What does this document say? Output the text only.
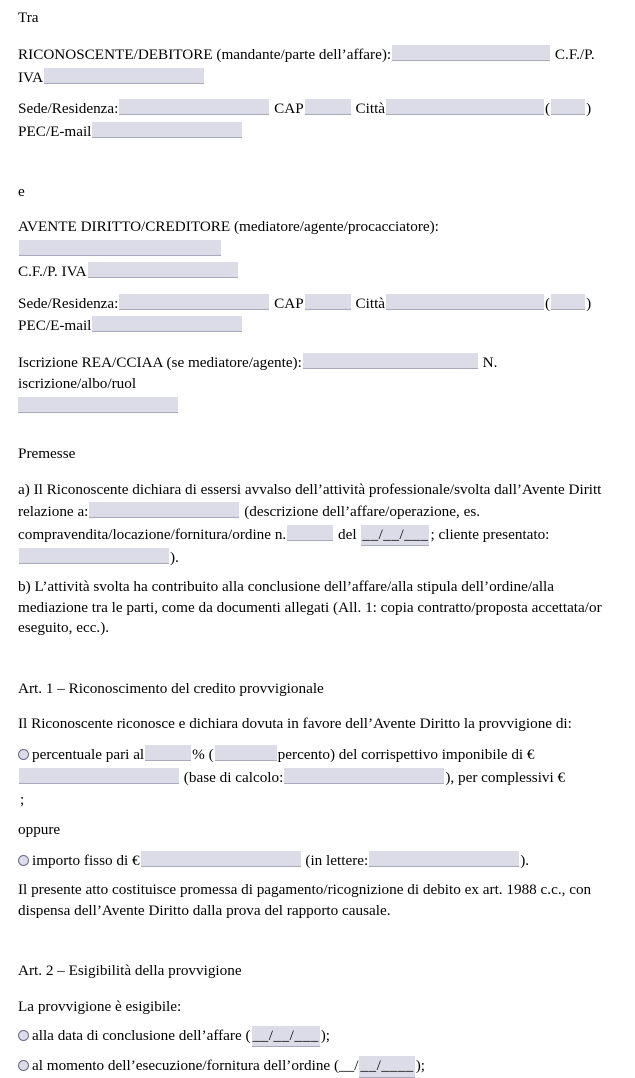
Tra

RICONOSCENTE/DEBITORE (mandante/parte dell’affare):	C.F./P. IVA

Sede/Residenza:	CAP	Città	( )

PEC/E-mail

e

AVENTE DIRITTO/CREDITORE (mediatore/agente/procacciatore):

C.F./P. IVA

Sede/Residenza:	CAP	Città	( )

PEC/E-mail

Iscrizione REA/CCIAA (se mediatore/agente):	N. iscrizione/albo/ruol

Premesse

a) Il Riconoscente dichiara di essersi avvalso dell’attività professionale/svolta dall’Avente Diritt
relazione a:	(descrizione dell’affare/operazione, es.
compravendita/locazione/fornitura/ordine n.	del __/__/___ ; cliente presentato:
).

b) L’attività svolta ha contribuito alla conclusione dell’affare/alla stipula dell’ordine/alla
mediazione tra le parti, come da documenti allegati (All. 1: copia contratto/proposta accettata/or
eseguito, ecc.).

Art. 1 – Riconoscimento del credito provvigionale

Il Riconoscente riconosce e dichiara dovuta in favore dell’Avente Diritto la provvigione di:

percentuale pari al	% (	percento) del corrispettivo imponibile di €
(base di calcolo:	), per complessivi €
;

oppure

importo fisso di €	(in lettere:	).

Il presente atto costituisce promessa di pagamento/ricognizione di debito ex art. 1988 c.c., con
dispensa dell’Avente Diritto dalla prova del rapporto causale.

Art. 2 – Esigibilità della provvigione

La provvigione è esigibile:

alla data di conclusione dell’affare ( __/__/___ );

al momento dell’esecuzione/fornitura dell’ordine (__/ __/____ );
